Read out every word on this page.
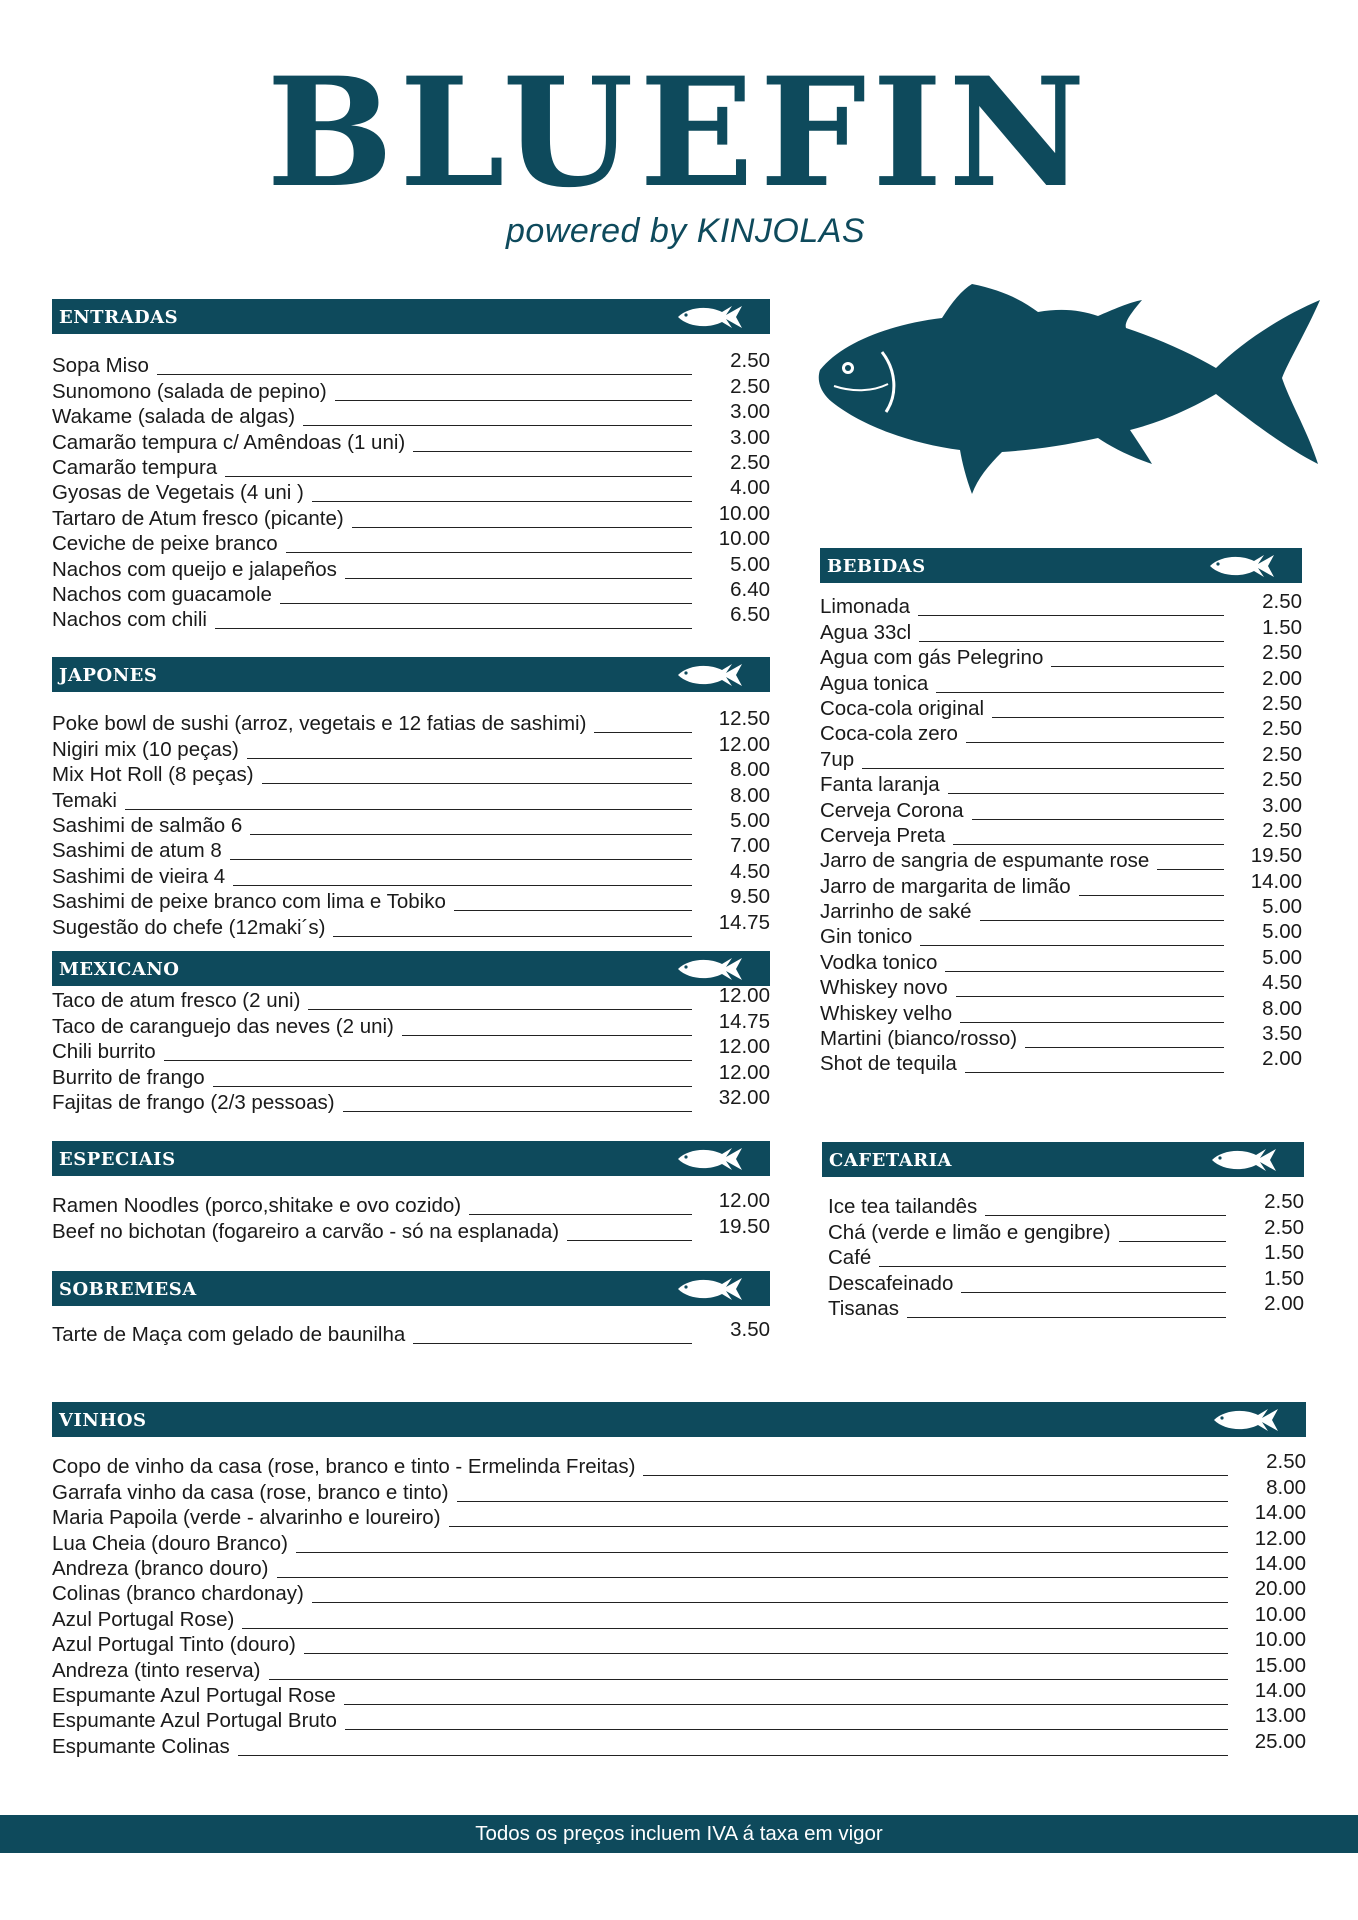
BLUEFIN
powered by KINJOLAS
ENTRADAS
Sopa Miso	2.50
Sunomono (salada de pepino)	2.50
Wakame (salada de algas)	3.00
Camarão tempura c/ Amêndoas (1 uni)	3.00
Camarão tempura	2.50
Gyosas de Vegetais (4 uni )	4.00
Tartaro de Atum fresco (picante)	10.00
Ceviche de peixe branco	10.00
Nachos com queijo e jalapeños	5.00
Nachos com guacamole	6.40
Nachos com chili	6.50
JAPONES
Poke bowl de sushi (arroz, vegetais e 12 fatias de sashimi)	12.50
Nigiri mix (10 peças)	12.00
Mix Hot Roll (8 peças)	8.00
Temaki	8.00
Sashimi de salmão 6	5.00
Sashimi de atum 8	7.00
Sashimi de vieira 4	4.50
Sashimi de peixe branco com lima e Tobiko	9.50
Sugestão do chefe (12maki´s)	14.75
MEXICANO
Taco de atum fresco (2 uni)	12.00
Taco de caranguejo das neves (2 uni)	14.75
Chili burrito	12.00
Burrito de frango	12.00
Fajitas de frango (2/3 pessoas)	32.00
ESPECIAIS
Ramen Noodles (porco,shitake e ovo cozido)	12.00
Beef no bichotan (fogareiro a carvão - só na esplanada)	19.50
SOBREMESA
Tarte de Maça com gelado de baunilha	3.50
BEBIDAS
Limonada	2.50
Agua 33cl	1.50
Agua com gás Pelegrino	2.50
Agua tonica	2.00
Coca-cola original	2.50
Coca-cola zero	2.50
7up	2.50
Fanta laranja	2.50
Cerveja Corona	3.00
Cerveja Preta	2.50
Jarro de sangria de espumante rose	19.50
Jarro de margarita de limão	14.00
Jarrinho de saké	5.00
Gin tonico	5.00
Vodka tonico	5.00
Whiskey novo	4.50
Whiskey velho	8.00
Martini (bianco/rosso)	3.50
Shot de tequila	2.00
CAFETARIA
Ice tea tailandês	2.50
Chá (verde e limão e gengibre)	2.50
Café	1.50
Descafeinado	1.50
Tisanas	2.00
VINHOS
Copo de vinho da casa (rose, branco e tinto - Ermelinda Freitas)	2.50
Garrafa vinho da casa (rose, branco e tinto)	8.00
Maria Papoila (verde - alvarinho e loureiro)	14.00
Lua Cheia (douro Branco)	12.00
Andreza (branco douro)	14.00
Colinas (branco chardonay)	20.00
Azul Portugal Rose)	10.00
Azul Portugal Tinto (douro)	10.00
Andreza (tinto reserva)	15.00
Espumante Azul Portugal Rose	14.00
Espumante Azul Portugal Bruto	13.00
Espumante Colinas	25.00
Todos os preços incluem IVA á taxa em vigor
